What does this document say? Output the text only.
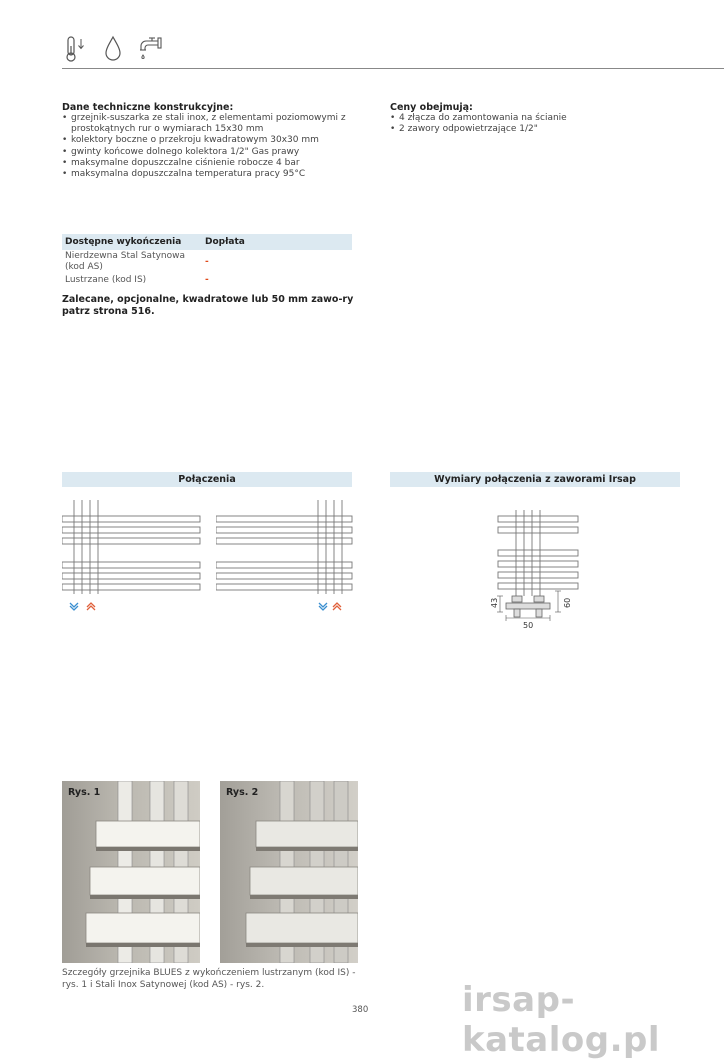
Dane techniczne konstrukcyjne:
• grzejnik-suszarka ze stali inox, z elementami poziomowymi z prostokątnych rur o wymiarach 15x30 mm
• kolektory boczne o przekroju kwadratowym 30x30 mm
• gwinty końcowe dolnego kolektora 1/2" Gas prawy
• maksymalne dopuszczalne ciśnienie robocze 4 bar
• maksymalna dopuszczalna temperatura pracy 95°C
Ceny obejmują:
• 4 złącza do zamontowania na ścianie
• 2 zawory odpowietrzające 1/2"
Dostępne wykończenia	Dopłata
Nierdzewna Stal Satynowa (kod AS)	-
Lustrzane (kod IS)	-
Zalecane, opcjonalne, kwadratowe lub 50 mm zawo-ry patrz strona 516.
Połączenia	Wymiary połączenia z zaworami Irsap
43	60
50
Rys. 1	Rys. 2
Szczegóły grzejnika BLUES z wykończeniem lustrzanym (kod IS) - rys. 1 i Stali Inox Satynowej (kod AS) - rys. 2.
380	irsap-katalog.pl
